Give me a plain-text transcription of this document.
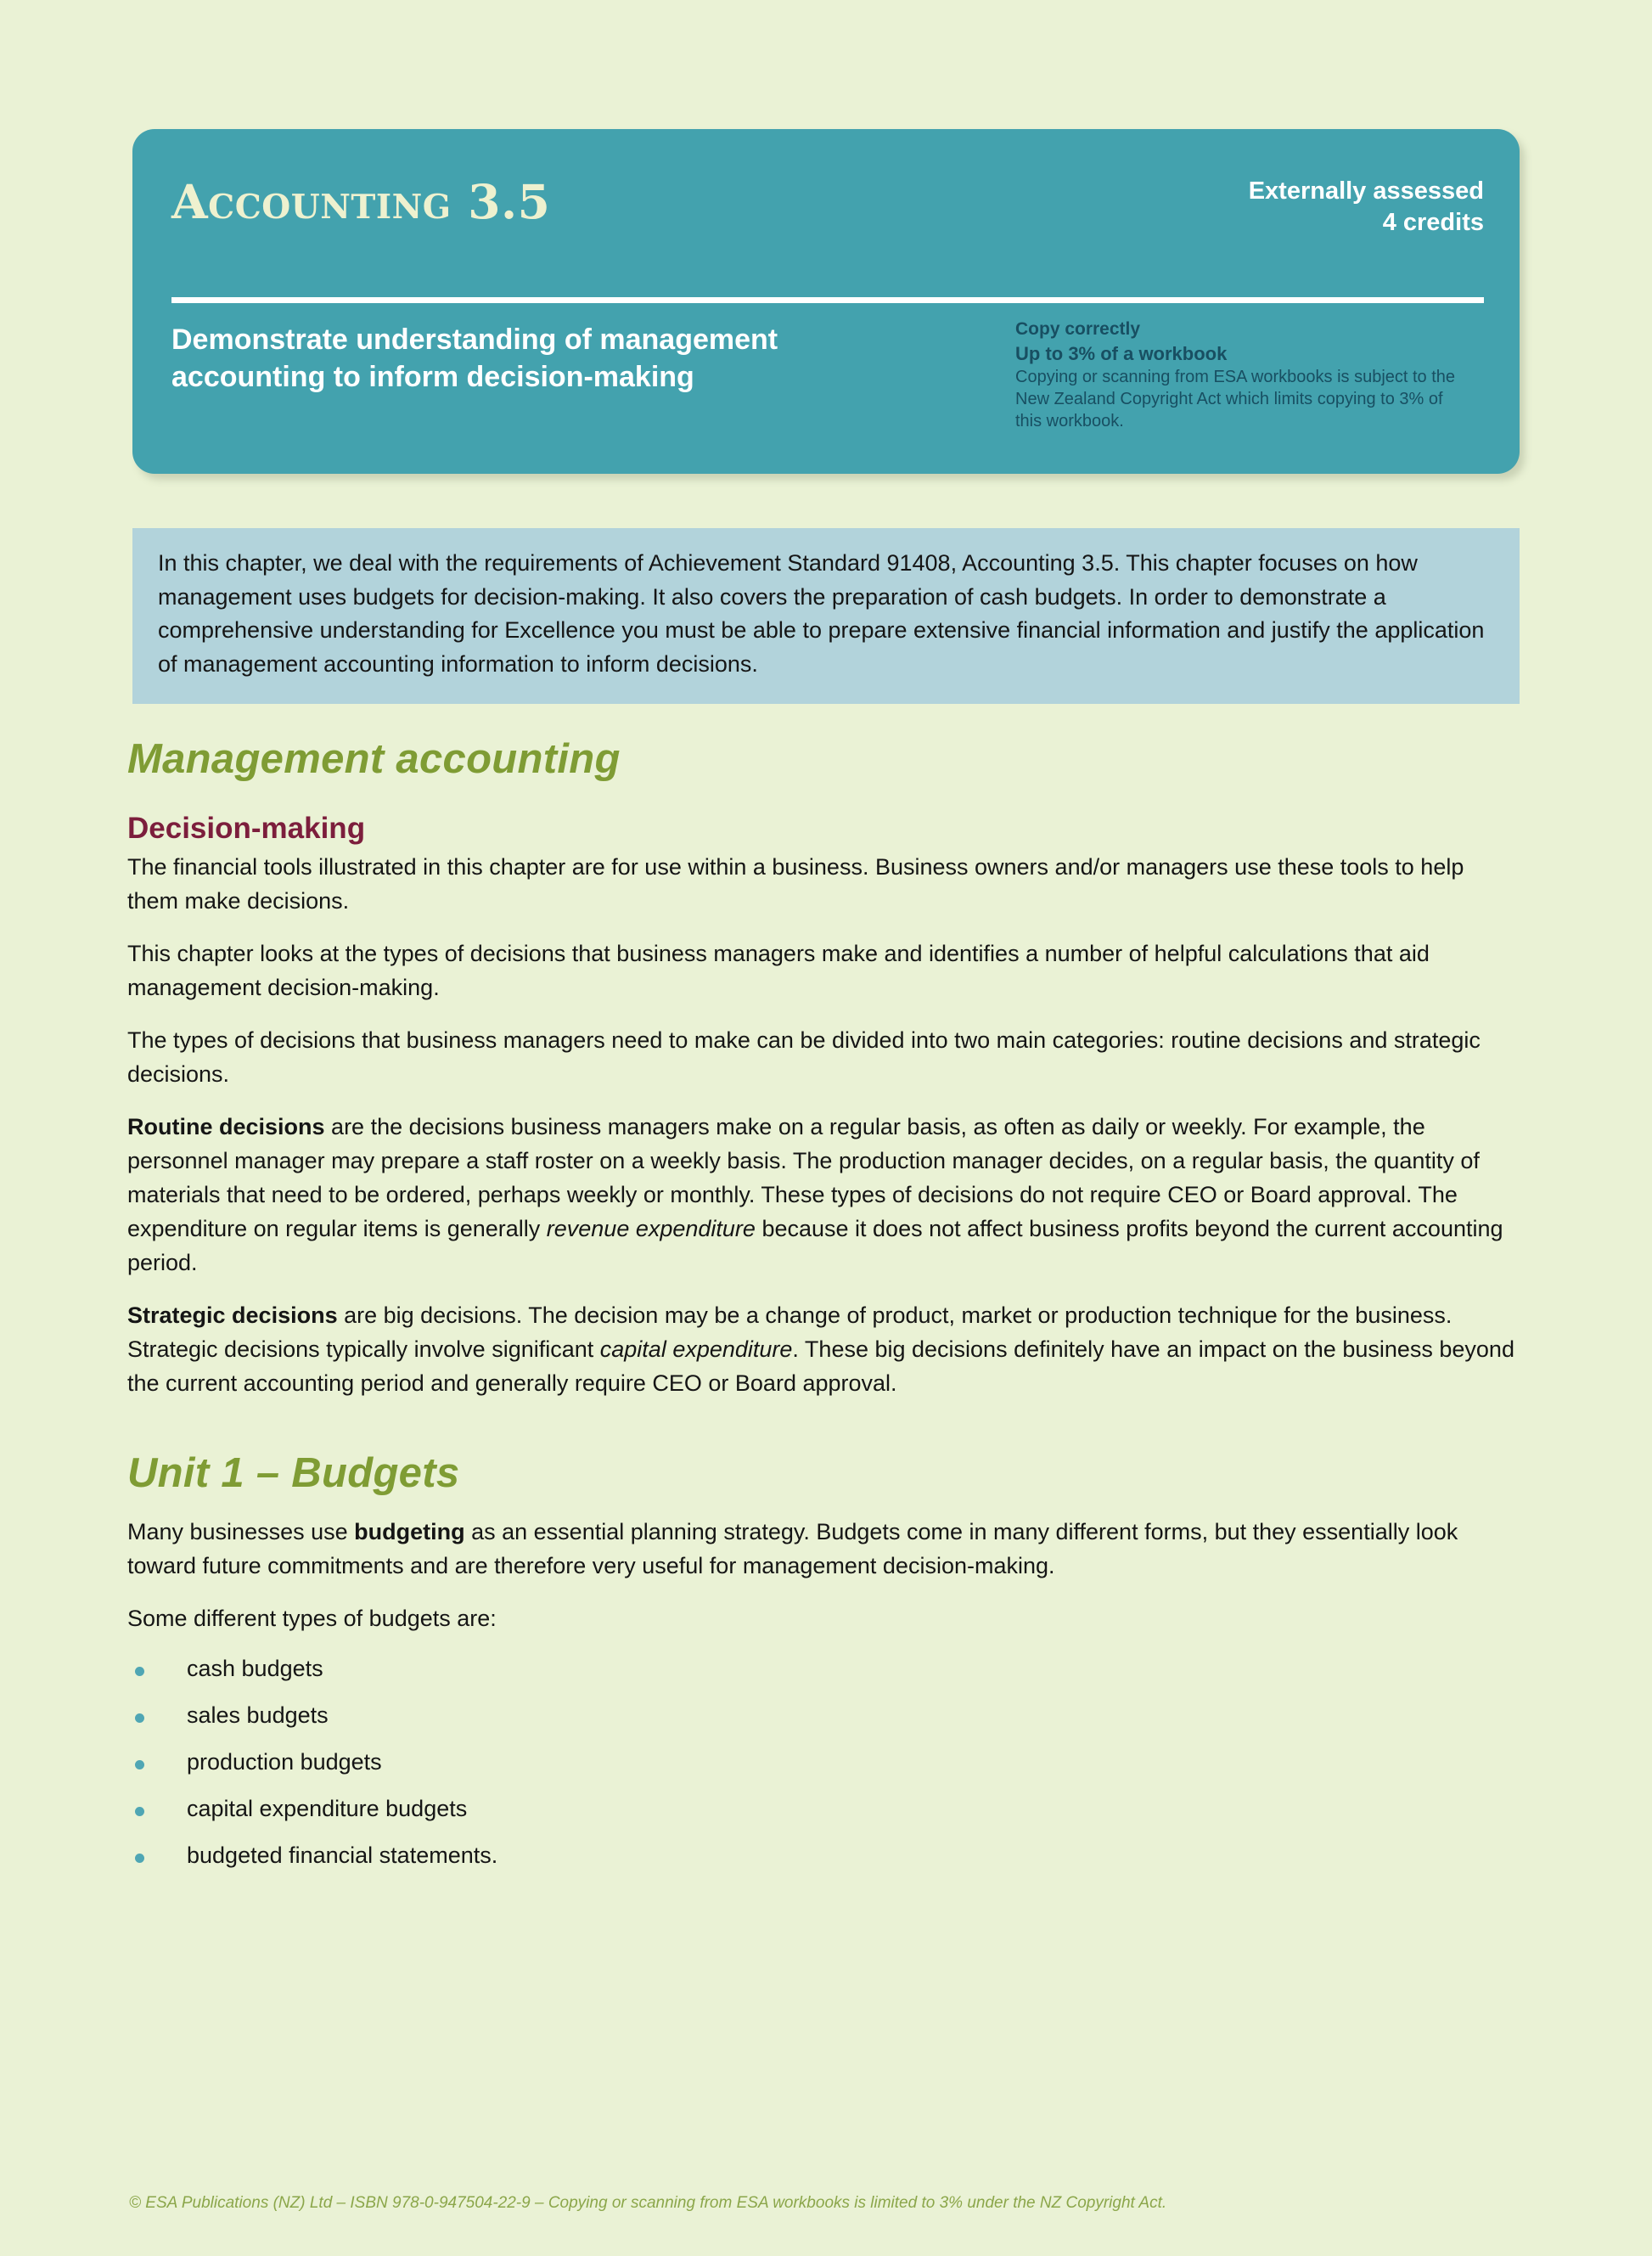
Accounting 3.5	Externally assessed
4 credits
Demonstrate understanding of management accounting to inform decision-making
Copy correctly
Up to 3% of a workbook
Copying or scanning from ESA workbooks is subject to the New Zealand Copyright Act which limits copying to 3% of this workbook.

In this chapter, we deal with the requirements of Achievement Standard 91408, Accounting 3.5. This chapter focuses on how management uses budgets for decision-making. It also covers the preparation of cash budgets. In order to demonstrate a comprehensive understanding for Excellence you must be able to prepare extensive financial information and justify the application of management accounting information to inform decisions.

Management accounting
Decision-making

The financial tools illustrated in this chapter are for use within a business. Business owners and/or managers use these tools to help them make decisions.

This chapter looks at the types of decisions that business managers make and identifies a number of helpful calculations that aid management decision-making.

The types of decisions that business managers need to make can be divided into two main categories: routine decisions and strategic decisions.

Routine decisions are the decisions business managers make on a regular basis, as often as daily or weekly. For example, the personnel manager may prepare a staff roster on a weekly basis. The production manager decides, on a regular basis, the quantity of materials that need to be ordered, perhaps weekly or monthly. These types of decisions do not require CEO or Board approval. The expenditure on regular items is generally revenue expenditure because it does not affect business profits beyond the current accounting period.

Strategic decisions are big decisions. The decision may be a change of product, market or production technique for the business. Strategic decisions typically involve significant capital expenditure. These big decisions definitely have an impact on the business beyond the current accounting period and generally require CEO or Board approval.

Unit 1 – Budgets

Many businesses use budgeting as an essential planning strategy. Budgets come in many different forms, but they essentially look toward future commitments and are therefore very useful for management decision-making.

Some different types of budgets are:

cash budgets
sales budgets
production budgets
capital expenditure budgets
budgeted financial statements.
© ESA Publications (NZ) Ltd – ISBN 978-0-947504-22-9 – Copying or scanning from ESA workbooks is limited to 3% under the NZ Copyright Act.
